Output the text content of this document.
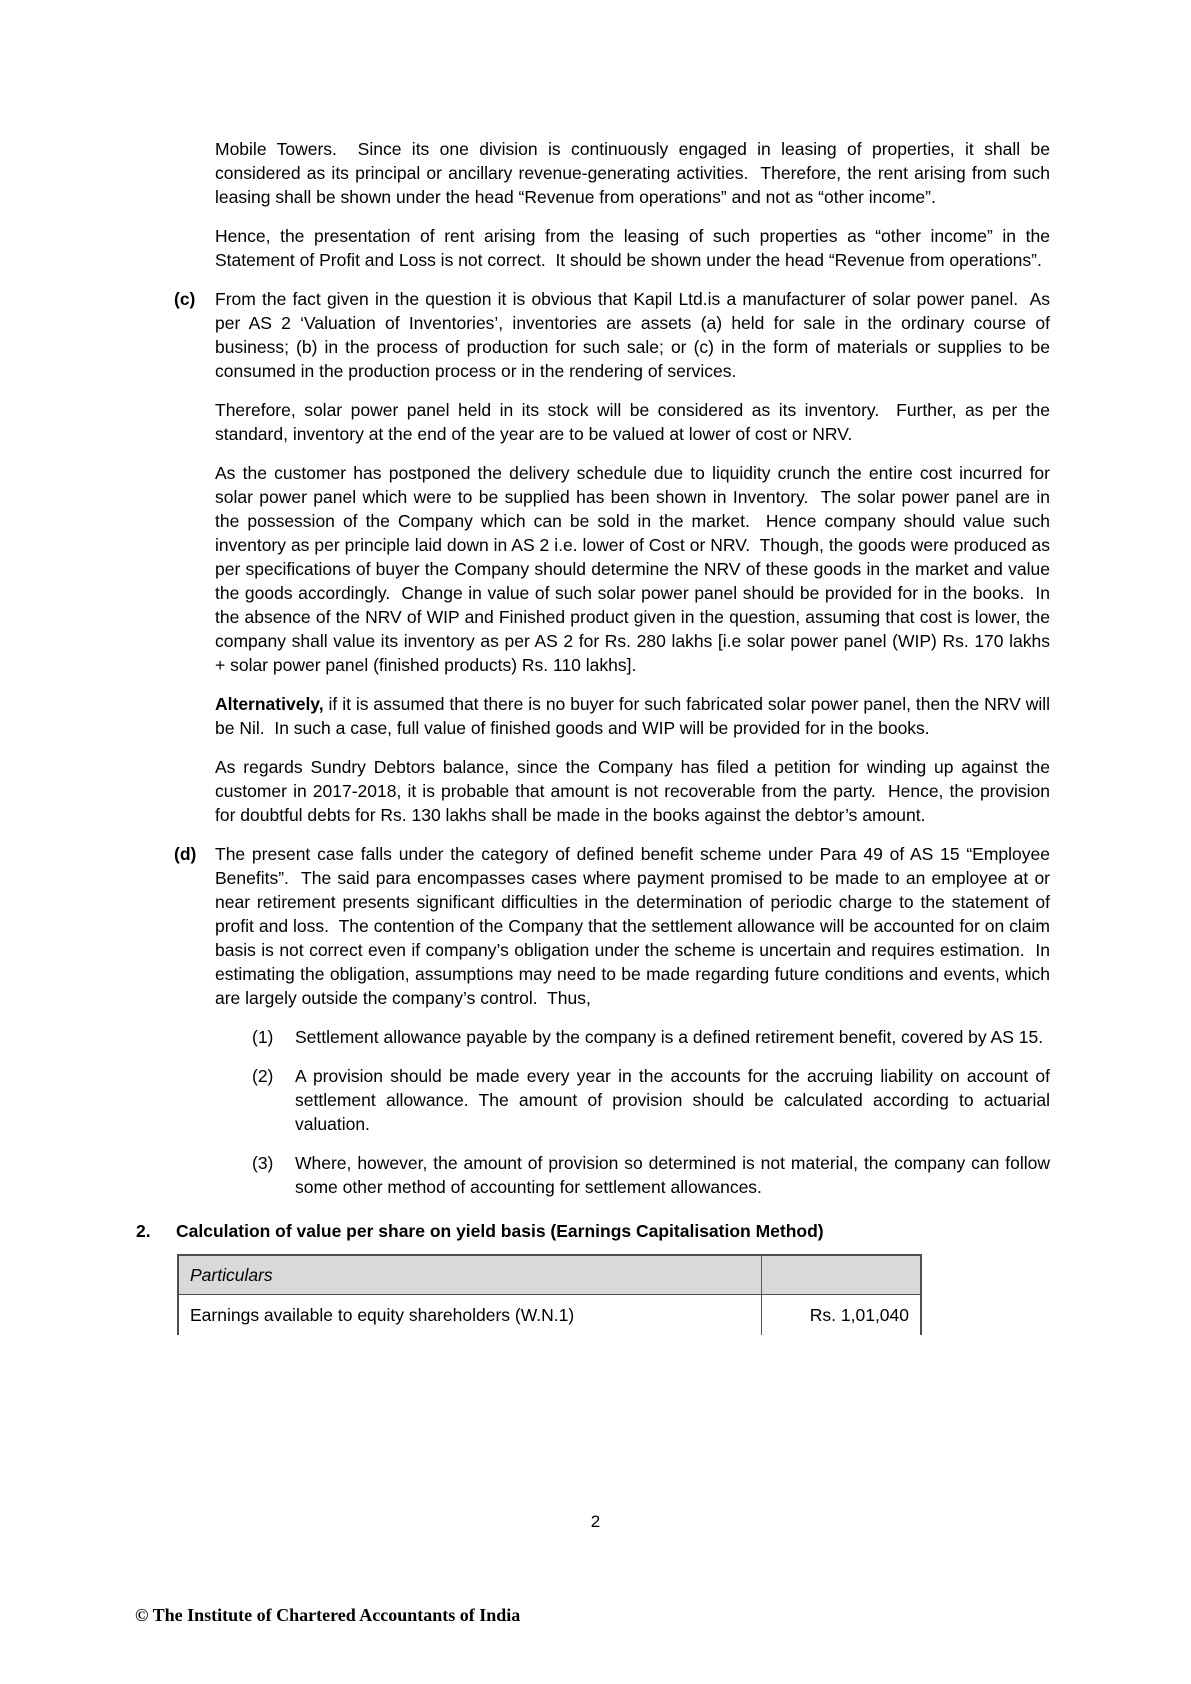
Mobile Towers.  Since its one division is continuously engaged in leasing of properties, it shall be considered as its principal or ancillary revenue-generating activities.  Therefore, the rent arising from such leasing shall be shown under the head “Revenue from operations” and not as “other income”.

Hence, the presentation of rent arising from the leasing of such properties as “other income” in the Statement of Profit and Loss is not correct.  It should be shown under the head “Revenue from operations”.

(c) From the fact given in the question it is obvious that Kapil Ltd.is a manufacturer of solar power panel.  As per AS 2 ‘Valuation of Inventories’, inventories are assets (a) held for sale in the ordinary course of business; (b) in the process of production for such sale; or (c) in the form of materials or supplies to be consumed in the production process or in the rendering of services.

Therefore, solar power panel held in its stock will be considered as its inventory.  Further, as per the standard, inventory at the end of the year are to be valued at lower of cost or NRV.

As the customer has postponed the delivery schedule due to liquidity crunch the entire cost incurred for solar power panel which were to be supplied has been shown in Inventory.  The solar power panel are in the possession of the Company which can be sold in the market.  Hence company should value such inventory as per principle laid down in AS 2 i.e. lower of Cost or NRV.  Though, the goods were produced as per specifications of buyer the Company should determine the NRV of these goods in the market and value the goods accordingly.  Change in value of such solar power panel should be provided for in the books.  In the absence of the NRV of WIP and Finished product given in the question, assuming that cost is lower, the company shall value its inventory as per AS 2 for Rs. 280 lakhs [i.e solar power panel (WIP) Rs. 170 lakhs + solar power panel (finished products) Rs. 110 lakhs].

Alternatively, if it is assumed that there is no buyer for such fabricated solar power panel, then the NRV will be Nil.  In such a case, full value of finished goods and WIP will be provided for in the books.

As regards Sundry Debtors balance, since the Company has filed a petition for winding up against the customer in 2017-2018, it is probable that amount is not recoverable from the party.  Hence, the provision for doubtful debts for Rs. 130 lakhs shall be made in the books against the debtor’s amount.

(d) The present case falls under the category of defined benefit scheme under Para 49 of AS 15 “Employee Benefits”.  The said para encompasses cases where payment promised to be made to an employee at or near retirement presents significant difficulties in the determination of periodic charge to the statement of profit and loss.  The contention of the Company that the settlement allowance will be accounted for on claim basis is not correct even if company’s obligation under the scheme is uncertain and requires estimation.  In estimating the obligation, assumptions may need to be made regarding future conditions and events, which are largely outside the company’s control.  Thus,

(1)	Settlement allowance payable by the company is a defined retirement benefit, covered by AS 15.
(2)	A provision should be made every year in the accounts for the accruing liability on account of settlement allowance. The amount of provision should be calculated according to actuarial valuation.
(3)	Where, however, the amount of provision so determined is not material, the company can follow some other method of accounting for settlement allowances.
2.	Calculation of value per share on yield basis (Earnings Capitalisation Method)
Particulars	
Earnings available to equity shareholders (W.N.1)	Rs. 1,01,040
2
© The Institute of Chartered Accountants of India
